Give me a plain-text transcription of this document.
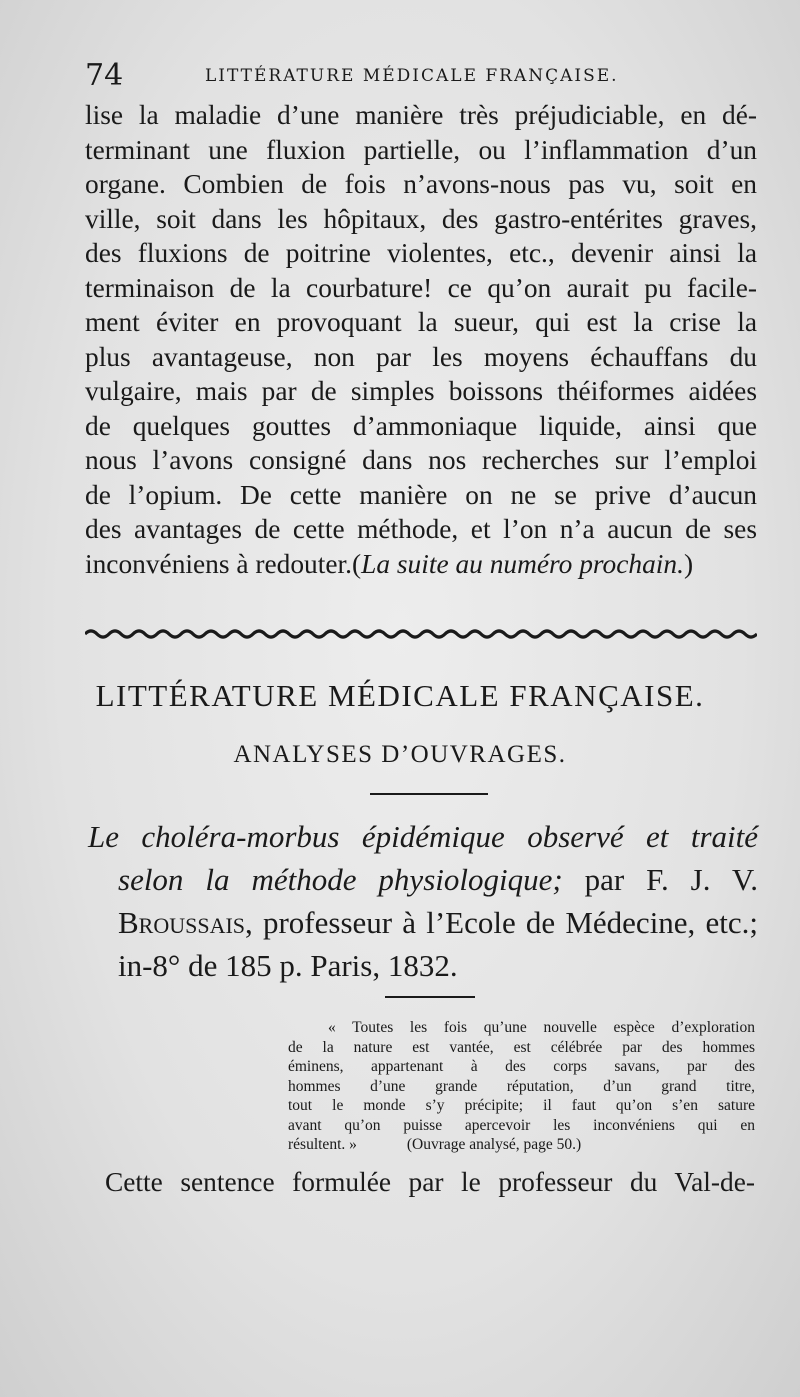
74	LITTÉRATURE MÉDICALE FRANÇAISE.
lise la maladie d’une manière très préjudiciable, en dé-
terminant une fluxion partielle, ou l’inflammation d’un
organe. Combien de fois n’avons-nous pas vu, soit en
ville, soit dans les hôpitaux, des gastro-entérites graves,
des fluxions de poitrine violentes, etc., devenir ainsi la
terminaison de la courbature! ce qu’on aurait pu facile-
ment éviter en provoquant la sueur, qui est la crise la
plus avantageuse, non par les moyens échauffans du
vulgaire, mais par de simples boissons théiformes aidées
de quelques gouttes d’ammoniaque liquide, ainsi que
nous l’avons consigné dans nos recherches sur l’emploi
de l’opium. De cette manière on ne se prive d’aucun
des avantages de cette méthode, et l’on n’a aucun de ses
inconvéniens à redouter.(La suite au numéro prochain.)
LITTÉRATURE MÉDICALE FRANÇAISE.
ANALYSES D’OUVRAGES.
Le choléra-morbus épidémique observé et traité
selon la méthode physiologique; par F. J. V.
Broussais, professeur à l’Ecole de Médecine, etc.;
in-8° de 185 p. Paris, 1832.
« Toutes les fois qu’une nouvelle espèce d’exploration
de la nature est vantée, est célébrée par des hommes
éminens, appartenant à des corps savans, par des
hommes d’une grande réputation, d’un grand titre,
tout le monde s’y précipite; il faut qu’on s’en sature
avant qu’on puisse apercevoir les inconvéniens qui en
résultent. »	(Ouvrage analysé, page 50.)
Cette sentence formulée par le professeur du Val-de-
